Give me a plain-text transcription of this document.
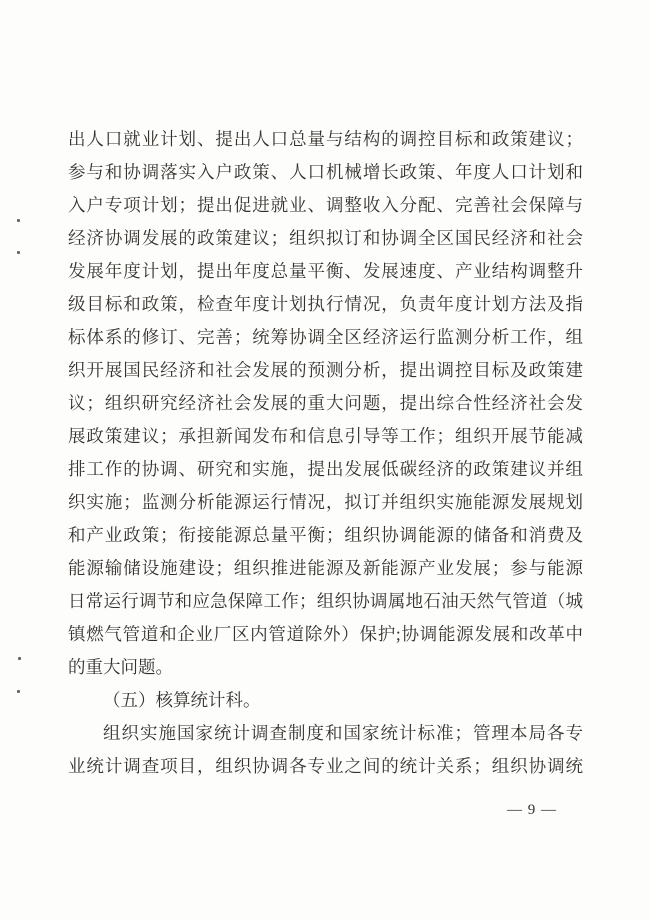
出人口就业计划、提出人口总量与结构的调控目标和政策建议；

参与和协调落实入户政策、人口机械增长政策、年度人口计划和

入户专项计划；提出促进就业、调整收入分配、完善社会保障与

经济协调发展的政策建议；组织拟订和协调全区国民经济和社会

发展年度计划，提出年度总量平衡、发展速度、产业结构调整升

级目标和政策，检查年度计划执行情况，负责年度计划方法及指

标体系的修订、完善；统筹协调全区经济运行监测分析工作，组

织开展国民经济和社会发展的预测分析，提出调控目标及政策建

议；组织研究经济社会发展的重大问题，提出综合性经济社会发

展政策建议；承担新闻发布和信息引导等工作；组织开展节能减

排工作的协调、研究和实施，提出发展低碳经济的政策建议并组

织实施；监测分析能源运行情况，拟订并组织实施能源发展规划

和产业政策；衔接能源总量平衡；组织协调能源的储备和消费及

能源输储设施建设；组织推进能源及新能源产业发展；参与能源

日常运行调节和应急保障工作；组织协调属地石油天然气管道（城

镇燃气管道和企业厂区内管道除外）保护;协调能源发展和改革中

的重大问题。

（五）核算统计科。

组织实施国家统计调查制度和国家统计标准；管理本局各专

业统计调查项目，组织协调各专业之间的统计关系；组织协调统

— 9 —
